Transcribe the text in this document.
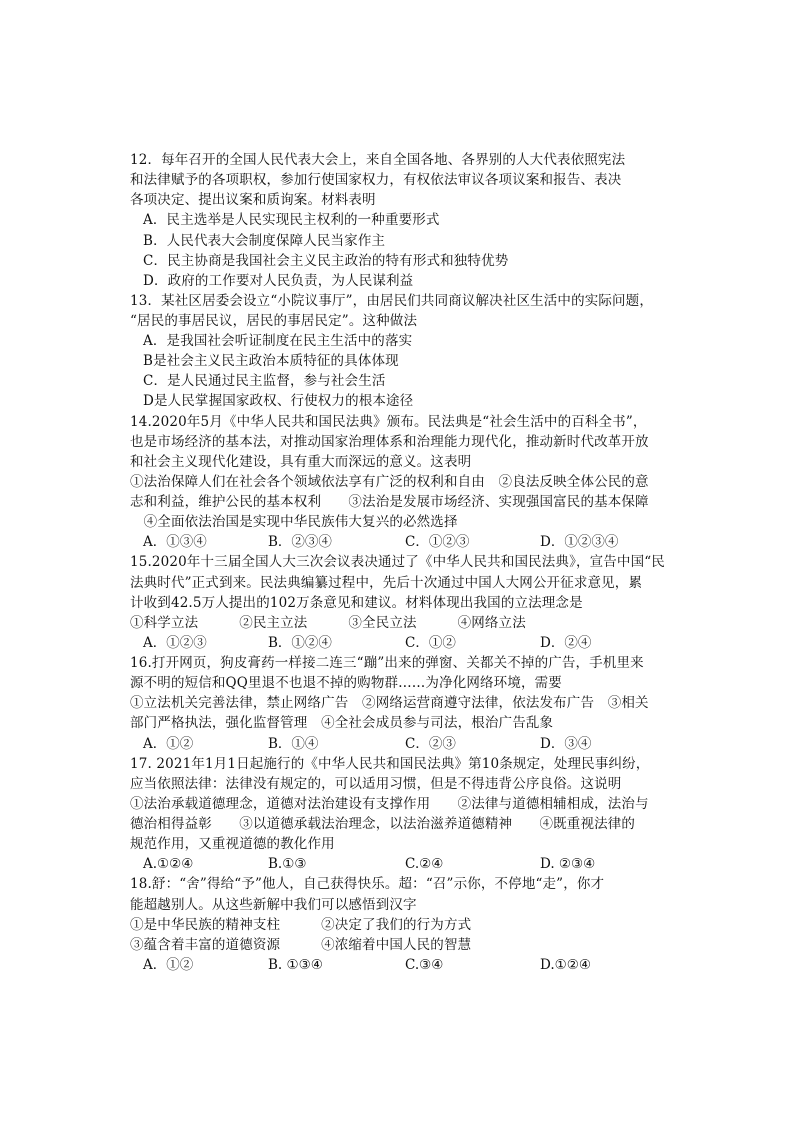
12．每年召开的全国人民代表大会上，来自全国各地、各界别的人大代表依照宪法
和法律赋予的各项职权，参加行使国家权力，有权依法审议各项议案和报告、表决
各项决定、提出议案和质询案。材料表明
A．民主选举是人民实现民主权利的一种重要形式
B．人民代表大会制度保障人民当家作主
C．民主协商是我国社会主义民主政治的特有形式和独特优势
D．政府的工作要对人民负责，为人民谋利益
13．某社区居委会设立“小院议事厅”，由居民们共同商议解决社区生活中的实际问题，
“居民的事居民议，居民的事居民定”。这种做法
A．是我国社会听证制度在民主生活中的落实
B是社会主义民主政治本质特征的具体体现
C．是人民通过民主监督，参与社会生活
D是人民掌握国家政权、行使权力的根本途径
14.2020年5月《中华人民共和国民法典》颁布。民法典是“社会生活中的百科全书”，
也是市场经济的基本法，对推动国家治理体系和治理能力现代化，推动新时代改革开放
和社会主义现代化建设，具有重大而深远的意义。这表明
①法治保障人们在社会各个领域依法享有广泛的权利和自由　②良法反映全体公民的意
志和利益，维护公民的基本权利　　③法治是发展市场经济、实现强国富民的基本保障
　④全面依法治国是实现中华民族伟大复兴的必然选择
A．①③④	B．②③④	C．①②③	D．①②③④
15.2020年十三届全国人大三次会议表决通过了《中华人民共和国民法典》，宣告中国“民
法典时代”正式到来。民法典编纂过程中，先后十次通过中国人大网公开征求意见，累
计收到42.5万人提出的102万条意见和建议。材料体现出我国的立法理念是
①科学立法　　　②民主立法　　　③全民立法　　　④网络立法
A．①②③	B．①②④	C．①②	D．②④
16.打开网页，狗皮膏药一样接二连三“蹦”出来的弹窗、关都关不掉的广告，手机里来
源不明的短信和QQ里退不也退不掉的购物群……为净化网络环境，需要
①立法机关完善法律，禁止网络广告　②网络运营商遵守法律，依法发布广告　③相关
部门严格执法，强化监督管理　④全社会成员参与司法，根治广告乱象
A．①②	B．①④	C．②③	D．③④
17. 2021年1月1日起施行的《中华人民共和国民法典》第10条规定，处理民事纠纷，
应当依照法律：法律没有规定的，可以适用习惯，但是不得违背公序良俗。这说明
①法治承载道德理念，道德对法治建设有支撑作用　　②法律与道德相辅相成，法治与
德治相得益彰　　③以道德承载法治理念，以法治滋养道德精神　　④既重视法律的
规范作用，又重视道德的教化作用
A.①②④	B.①③	C.②④	D. ②③④
18.舒：“舍”得给“予”他人，自己获得快乐。超：“召”示你，不停地“走”，你才
能超越别人。从这些新解中我们可以感悟到汉字
①是中华民族的精神支柱　　　②决定了我们的行为方式
③蕴含着丰富的道德资源　　　④浓缩着中国人民的智慧
A．①②	B. ①③④	C.③④	D.①②④
